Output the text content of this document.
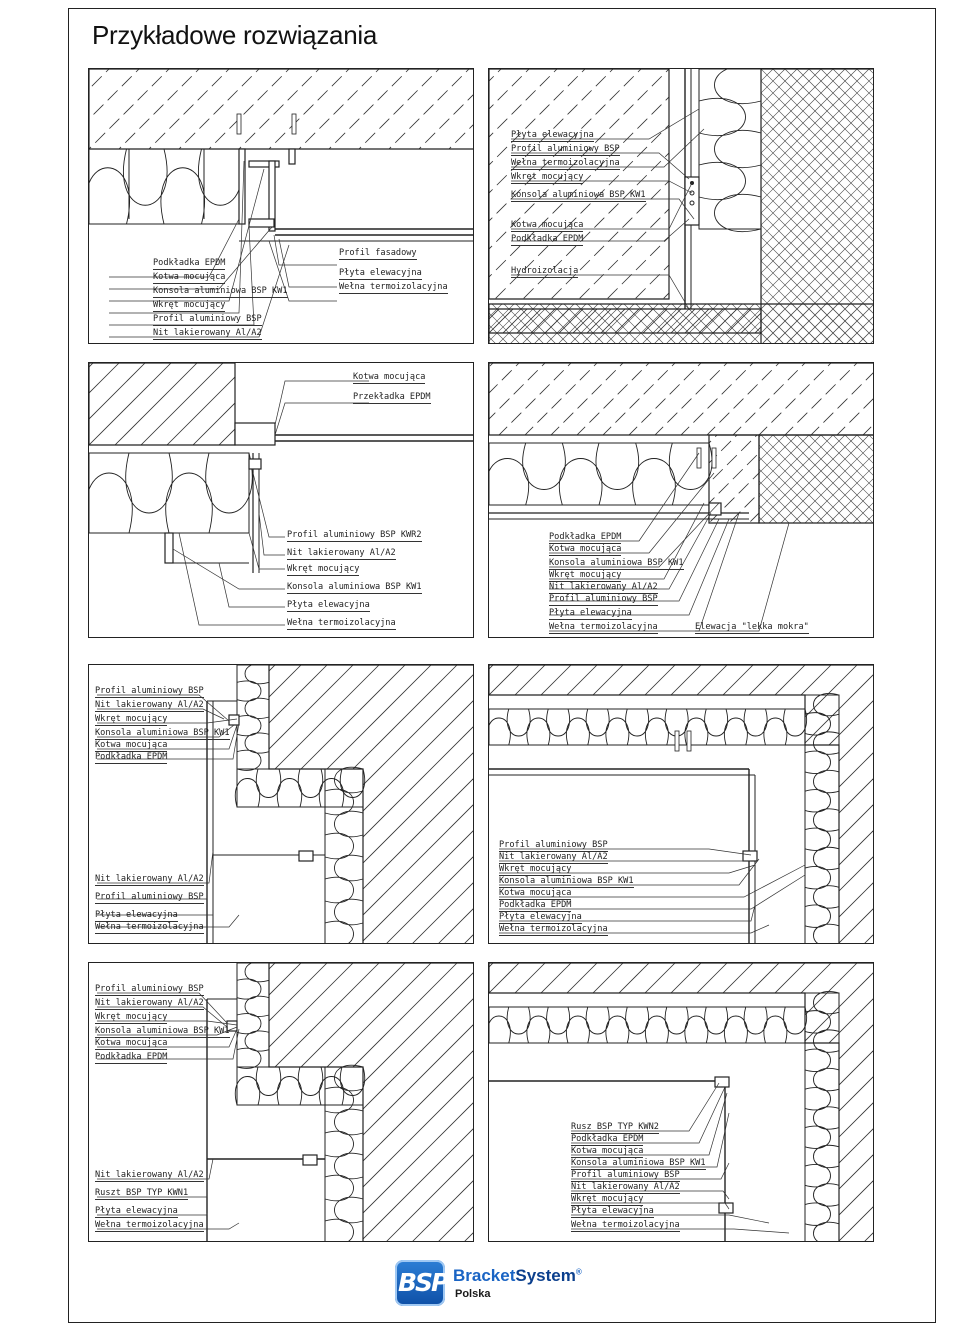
Przykładowe rozwiązania
Podkładka EPDM
Kotwa mocująca
Konsola aluminiowa BSP KW1
Wkręt mocujący
Profil aluminiowy BSP
Nit lakierowany Al/A2
Profil fasadowy
Płyta elewacyjna
Wełna termoizolacyjna
Płyta elewacyjna
Profil aluminiowy BSP
Wełna termoizolacyjna
Wkręt mocujący
Konsola aluminiowa BSP KW1
Kotwa mocująca
Podkładka EPDM
Hydroizolacja
Kotwa mocująca
Przekładka EPDM
Profil aluminiowy BSP KWR2
Nit lakierowany Al/A2
Wkręt mocujący
Konsola aluminiowa BSP KW1
Płyta elewacyjna
Wełna termoizolacyjna
Podkładka EPDM
Kotwa mocująca
Konsola aluminiowa BSP KW1
Wkręt mocujący
Nit lakierowany Al/A2
Profil aluminiowy BSP
Płyta elewacyjna
Wełna termoizolacyjna	Elewacja "lekka mokra"
Profil aluminiowy BSP
Nit lakierowany Al/A2
Wkręt mocujący
Konsola aluminiowa BSP KW1
Kotwa mocująca
Podkładka EPDM
Nit lakierowany Al/A2
Profil aluminiowy BSP
Płyta elewacyjna
Wełna termoizolacyjna
Profil aluminiowy BSP
Nit lakierowany Al/A2
Wkręt mocujący
Konsola aluminiowa BSP KW1
Kotwa mocująca
Podkładka EPDM
Płyta elewacyjna
Wełna termoizolacyjna
Profil aluminiowy BSP
Nit lakierowany Al/A2
Wkręt mocujący
Konsola aluminiowa BSP KW1
Kotwa mocująca
Podkładka EPDM
Nit lakierowany Al/A2
Ruszt BSP TYP KWN1
Płyta elewacyjna
Wełna termoizolacyjna
Rusz BSP TYP KWN2
Podkładka EPDM
Kotwa mocująca
Konsola aluminiowa BSP KW1
Profil aluminiowy BSP
Nit lakierowany Al/A2
Wkręt mocujący
Płyta elewacyjna
Wełna termoizolacyjna
BSP BracketSystem®
Polska
